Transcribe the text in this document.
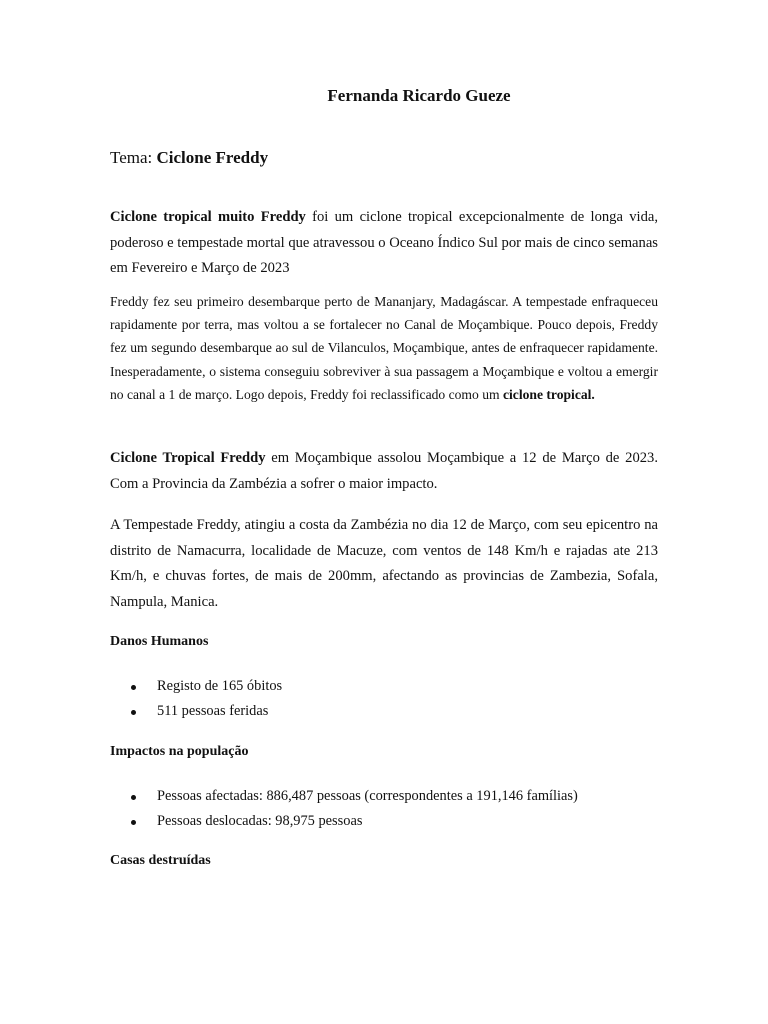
Fernanda Ricardo Gueze
Tema: Ciclone Freddy

Ciclone tropical muito Freddy foi um ciclone tropical excepcionalmente de longa vida, poderoso e tempestade mortal que atravessou o Oceano Índico Sul por mais de cinco semanas em Fevereiro e Março de 2023

Freddy fez seu primeiro desembarque perto de Mananjary, Madagáscar. A tempestade enfraqueceu rapidamente por terra, mas voltou a se fortalecer no Canal de Moçambique. Pouco depois, Freddy fez um segundo desembarque ao sul de Vilanculos, Moçambique, antes de enfraquecer rapidamente. Inesperadamente, o sistema conseguiu sobreviver à sua passagem a Moçambique e voltou a emergir no canal a 1 de março. Logo depois, Freddy foi reclassificado como um ciclone tropical.

Ciclone Tropical Freddy em Moçambique assolou Moçambique a 12 de Março de 2023. Com a Provincia da Zambézia a sofrer o maior impacto.

A Tempestade Freddy, atingiu a costa da Zambézia no dia 12 de Março, com seu epicentro na distrito de Namacurra, localidade de Macuze, com ventos de 148 Km/h e rajadas ate 213 Km/h, e chuvas fortes, de mais de 200mm, afectando as provincias de Zambezia, Sofala, Nampula, Manica.

Danos Humanos
Registo de 165 óbitos
511 pessoas feridas
Impactos na população
Pessoas afectadas: 886,487 pessoas (correspondentes a 191,146 famílias)
Pessoas deslocadas: 98,975 pessoas
Casas destruídas
